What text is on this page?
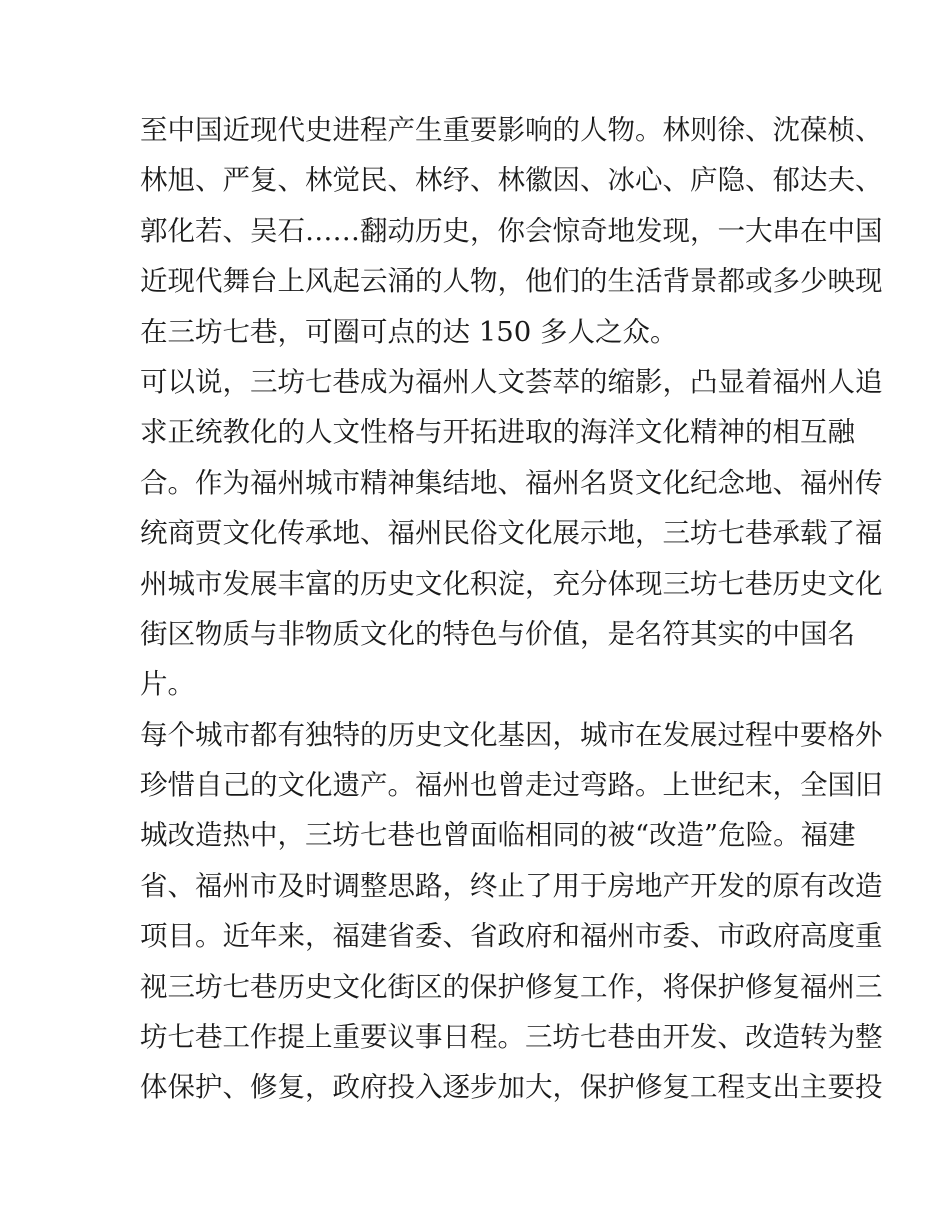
至中国近现代史进程产生重要影响的人物。林则徐、沈葆桢、
林旭、严复、林觉民、林纾、林徽因、冰心、庐隐、郁达夫、
郭化若、吴石……翻动历史，你会惊奇地发现，一大串在中国
近现代舞台上风起云涌的人物，他们的生活背景都或多少映现
在三坊七巷，可圈可点的达 150 多人之众。
可以说，三坊七巷成为福州人文荟萃的缩影，凸显着福州人追
求正统教化的人文性格与开拓进取的海洋文化精神的相互融
合。作为福州城市精神集结地、福州名贤文化纪念地、福州传
统商贾文化传承地、福州民俗文化展示地，三坊七巷承载了福
州城市发展丰富的历史文化积淀，充分体现三坊七巷历史文化
街区物质与非物质文化的特色与价值，是名符其实的中国名
片。
每个城市都有独特的历史文化基因，城市在发展过程中要格外
珍惜自己的文化遗产。福州也曾走过弯路。上世纪末，全国旧
城改造热中，三坊七巷也曾面临相同的被“改造”危险。福建
省、福州市及时调整思路，终止了用于房地产开发的原有改造
项目。近年来，福建省委、省政府和福州市委、市政府高度重
视三坊七巷历史文化街区的保护修复工作，将保护修复福州三
坊七巷工作提上重要议事日程。三坊七巷由开发、改造转为整
体保护、修复，政府投入逐步加大，保护修复工程支出主要投
